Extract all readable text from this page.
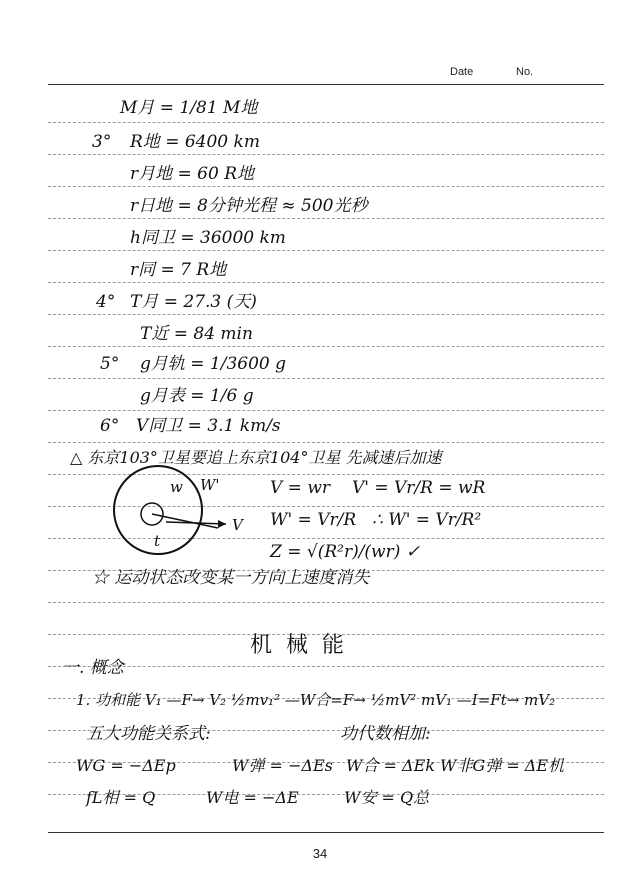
Date	No.
M月 = 1/81 M地
3° R地 = 6400 km
r月地 = 60 R地
r日地 = 8分钟光程 ≈ 500光秒
h同卫 = 36000 km
r同 = 7 R地
4° T月 = 27.3 (天)
T近 = 84 min
5° g月轨 = 1/3600 g
g月表 = 1/6 g
6° V同卫 = 3.1 km/s
△ 东京103°卫星要追上东京104°卫星 先减速后加速
w W'
V
t
V = wr V' = Vr/R = wR
W' = Vr/R ∴ W' = Vr/R²
Z = √(R²r)/(wr) ✓
☆ 运动状态改变某一方向上速度消失
机械能
一. 概念
1. 功和能 V₁ —F→ V₂ ½mv₁² —W合=F→ ½mV² mV₁ —I=Ft→ mV₂
五大功能关系式:	功代数相加:
WG = −ΔEp	W弹 = −ΔEs W合 = ΔEk W非G弹 = ΔE机
fL相 = Q	W电 = −ΔE	W安 = Q总
34
